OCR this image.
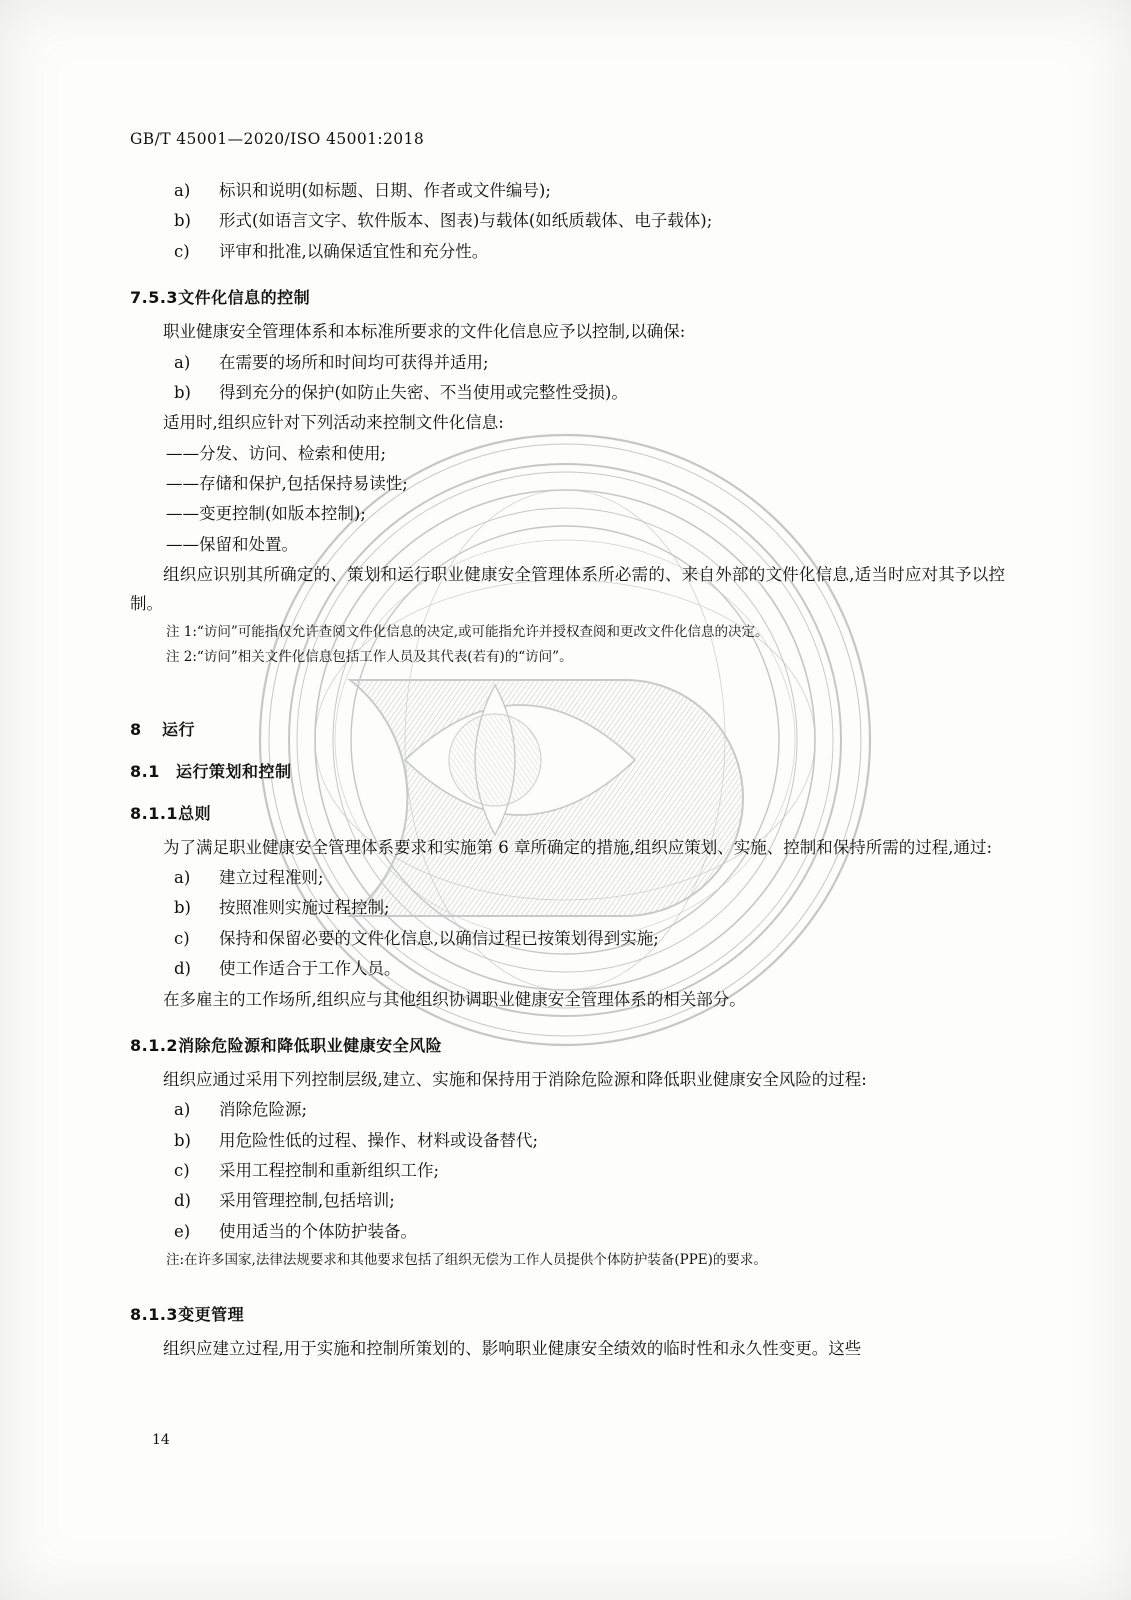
GB/T 45001—2020/ISO 45001:2018
a)	标识和说明(如标题、日期、作者或文件编号);
b)	形式(如语言文字、软件版本、图表)与载体(如纸质载体、电子载体);
c)	评审和批准,以确保适宜性和充分性。
7.5.3文件化信息的控制

职业健康安全管理体系和本标准所要求的文件化信息应予以控制,以确保:

a)	在需要的场所和时间均可获得并适用;
b)	得到充分的保护(如防止失密、不当使用或完整性受损)。

适用时,组织应针对下列活动来控制文件化信息:

——分发、访问、检索和使用;
——存储和保护,包括保持易读性;
——变更控制(如版本控制);
——保留和处置。

组织应识别其所确定的、策划和运行职业健康安全管理体系所必需的、来自外部的文件化信息,适当时应对其予以控制。

注 1:“访问”可能指仅允许查阅文件化信息的决定,或可能指允许并授权查阅和更改文件化信息的决定。
注 2:“访问”相关文件化信息包括工作人员及其代表(若有)的“访问”。
8 运行
8.1 运行策划和控制
8.1.1总则

为了满足职业健康安全管理体系要求和实施第 6 章所确定的措施,组织应策划、实施、控制和保持所需的过程,通过:

a)	建立过程准则;
b)	按照准则实施过程控制;
c)	保持和保留必要的文件化信息,以确信过程已按策划得到实施;
d)	使工作适合于工作人员。

在多雇主的工作场所,组织应与其他组织协调职业健康安全管理体系的相关部分。

8.1.2消除危险源和降低职业健康安全风险

组织应通过采用下列控制层级,建立、实施和保持用于消除危险源和降低职业健康安全风险的过程:

a)	消除危险源;
b)	用危险性低的过程、操作、材料或设备替代;
c)	采用工程控制和重新组织工作;
d)	采用管理控制,包括培训;
e)	使用适当的个体防护装备。
注:在许多国家,法律法规要求和其他要求包括了组织无偿为工作人员提供个体防护装备(PPE)的要求。
8.1.3变更管理

组织应建立过程,用于实施和控制所策划的、影响职业健康安全绩效的临时性和永久性变更。这些

14
